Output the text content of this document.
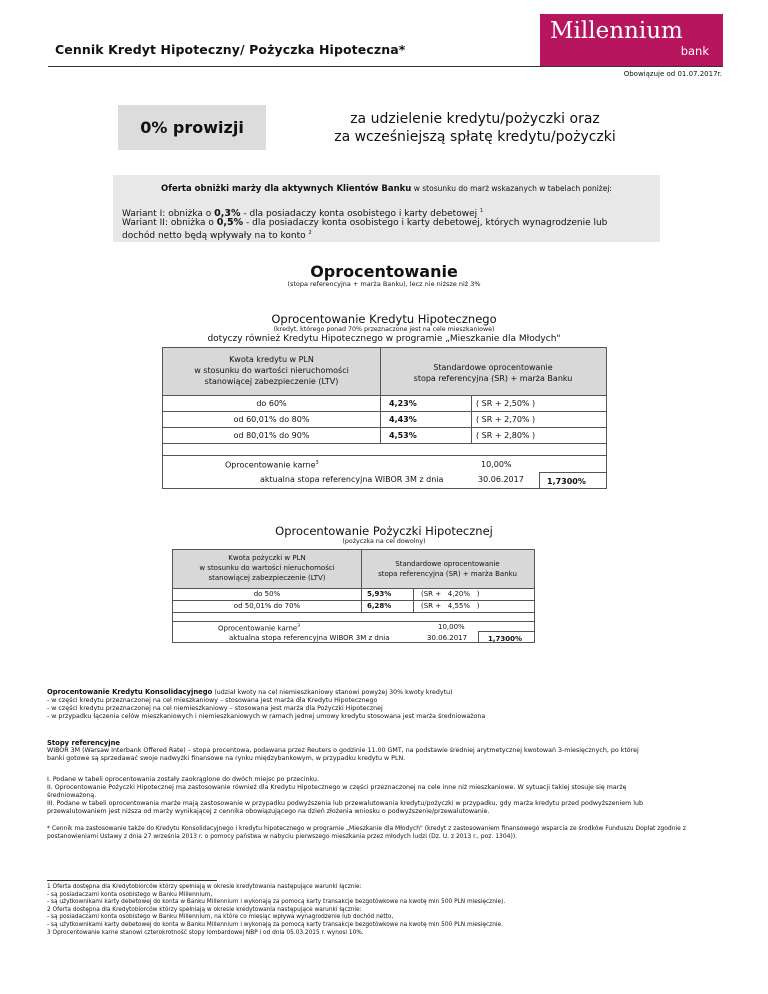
Cennik Kredyt Hipoteczny/ Pożyczka Hipoteczna*
Millennium
bank
Obowiązuje od 01.07.2017r.
0% prowizji	za udzielenie kredytu/pożyczki oraz
za wcześniejszą spłatę kredytu/pożyczki
Oferta obniżki marży dla aktywnych Klientów Banku w stosunku do marż wskazanych w tabelach poniżej:
Wariant I: obniżka o 0,3% - dla posiadaczy konta osobistego i karty debetowej $^1$
Wariant II: obniżka o 0,5% - dla posiadaczy konta osobistego i karty debetowej, których wynagrodzenie lub
dochód netto będą wpływały na to konto $^2$
Oprocentowanie
(stopa referencyjna + marża Banku), lecz nie niższe niż 3%
Oprocentowanie Kredytu Hipotecznego
(kredyt, którego ponad 70% przeznaczone jest na cele mieszkaniowe)
dotyczy również Kredytu Hipotecznego w programie „Mieszkanie dla Młodych"
Kwota kredytu w PLN
w stosunku do wartości nieruchomości
stanowiącej zabezpieczenie (LTV)
Standardowe oprocentowanie
stopa referencyjna (SR) + marża Banku
do 60%	4,23%	( SR + 2,50% )
od 60,01% do 80%	4,43%	( SR + 2,70% )
od 80,01% do 90%	4,53%	( SR + 2,80% )
Oprocentowanie karne$^3$	10,00%
aktualna stopa referencyjna WIBOR 3M z dnia	30.06.2017	1,7300%
Oprocentowanie Pożyczki Hipotecznej
(pożyczka na cel dowolny)
Kwota pożyczki w PLN
w stosunku do wartości nieruchomości
stanowiącej zabezpieczenie (LTV)
Standardowe oprocentowanie
stopa referencyjna (SR) + marża Banku
do 50%	5,93%	(SR +   4,20%   )
od 50,01% do 70%	6,28%	(SR +   4,55%   )
Oprocentowanie karne$^3$	10,00%
aktualna stopa referencyjna WIBOR 3M z dnia	30.06.2017	1,7300%
Oprocentowanie Kredytu Konsolidacyjnego (udział kwoty na cel niemieszkaniowy stanowi powyżej 30% kwoty kredytu)
- w części kredytu przeznaczonej na cel mieszkaniowy – stosowana jest marża dla Kredytu Hipotecznego
- w części kredytu przeznaczonej na cel niemieszkaniowy – stosowana jest marża dla Pożyczki Hipotecznej
- w przypadku łączenia celów mieszkaniowych i niemieszkaniowych w ramach jednej umowy kredytu stosowana jest marża średnioważona
Stopy referencyjne
WIBOR 3M (Warsaw Interbank Offered Rate) – stopa procentowa, podawana przez Reuters o godzinie 11.00 GMT, na podstawie średniej arytmetycznej kwotowań 3-miesięcznych, po której
banki gotowe są sprzedawać swoje nadwyżki finansowe na rynku międzybankowym, w przypadku kredytu w PLN.
I. Podane w tabeli oprocentowania zostały zaokrąglone do dwóch miejsc po przecinku.
II. Oprocentowanie Pożyczki Hipotecznej ma zastosowanie również dla Kredytu Hipotecznego w części przeznaczonej na cele inne niż mieszkaniowe. W sytuacji takiej stosuje się marżę
średnioważoną.
III. Podane w tabeli oprocentowania marże mają zastosowanie w przypadku podwyższenia lub przewalutowania kredytu/pożyczki w przypadku, gdy marża kredytu przed podwyższeniem lub
przewalutowaniem jest niższa od marży wynikającej z cennika obowiązującego na dzień złożenia wniosku o podwyższenie/przewalutowanie.
* Cennik ma zastosowanie także do Kredytu Konsolidacyjnego i kredytu hipotecznego w programie „Mieszkanie dla Młodych" (kredyt z zastosowaniem finansowego wsparcia ze środków Funduszu Dopłat zgodnie z
postanowieniami Ustawy z dnia 27 września 2013 r. o pomocy państwa w nabyciu pierwszego mieszkania przez młodych ludzi (Dz. U. z 2013 r., poz. 1304)).
1 Oferta dostępna dla Kredytobiorców którzy spełniają w okresie kredytowania następujące warunki łącznie:
- są posiadaczami konta osobistego w Banku Millennium,
- są użytkownikami karty debetowej do konta w Banku Millennium i wykonają za pomocą karty transakcje bezgotówkowe na kwotę min 500 PLN miesięcznie).
2 Oferta dostępna dla Kredytobiorców którzy spełniają w okresie kredytowania następujące warunki łącznie:
- są posiadaczami konta osobistego w Banku Millennium, na które co miesiąc wpływa wynagrodzenie lub dochód netto,
- są użytkownikami karty debetowej do konta w Banku Millennium i wykonają za pomocą karty transakcje bezgotówkowe na kwotę min 500 PLN miesięcznie.
3 Oprocentowanie karne stanowi czterokrotność stopy lombardowej NBP i od dnia 05.03.2015 r. wynosi 10%.
